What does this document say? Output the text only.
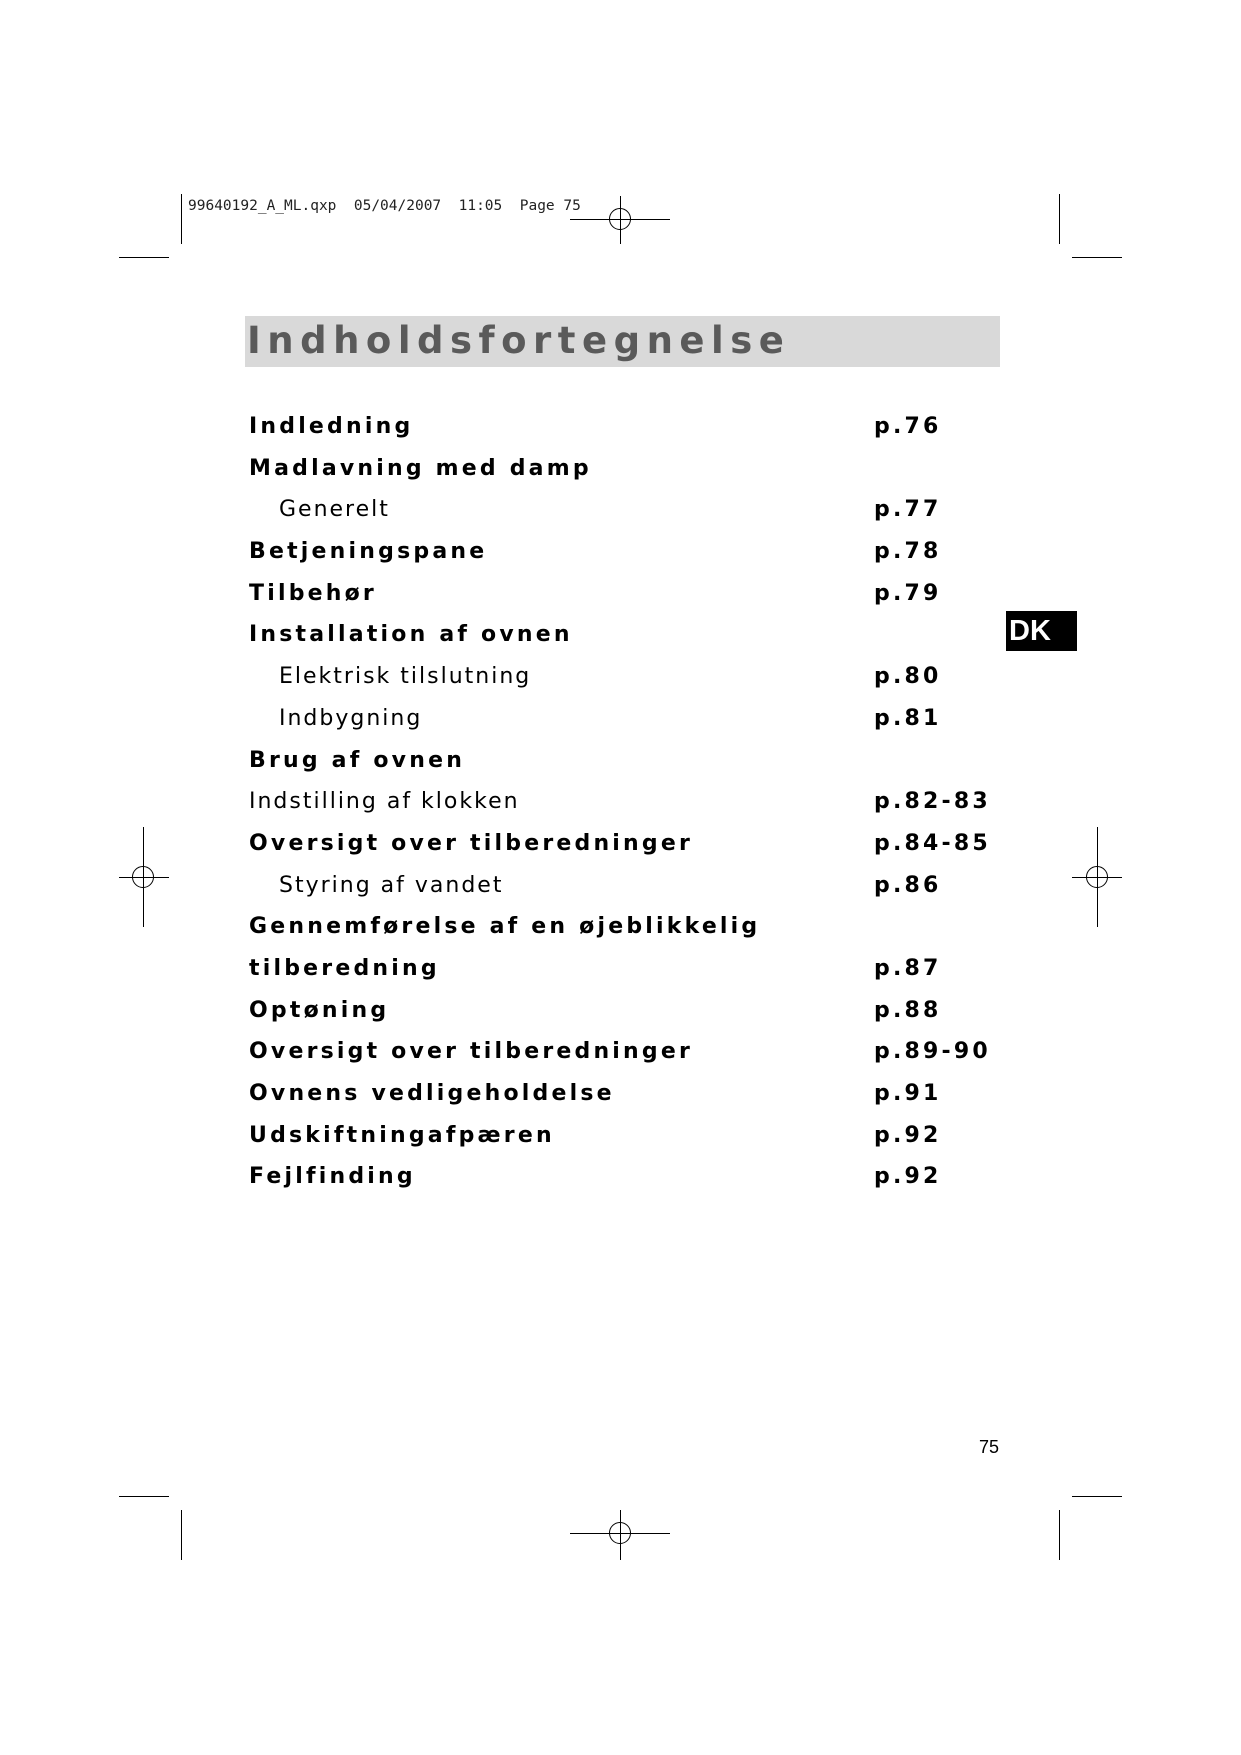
99640192_A_ML.qxp  05/04/2007  11:05  Page 75
Indholdsfortegnelse
Indledning	p.76
Madlavning med damp
Generelt	p.77
Betjeningspane	p.78
Tilbehør	p.79
Installation af ovnen
Elektrisk tilslutning	p.80
Indbygning	p.81
Brug af ovnen
Indstilling af klokken	p.82-83
Oversigt over tilberedninger	p.84-85
Styring af vandet	p.86
Gennemførelse af en øjeblikkelig
tilberedning	p.87
Optøning	p.88
Oversigt over tilberedninger	p.89-90
Ovnens vedligeholdelse	p.91
Udskiftningafpæren	p.92
Fejlfinding	p.92
DK
75
